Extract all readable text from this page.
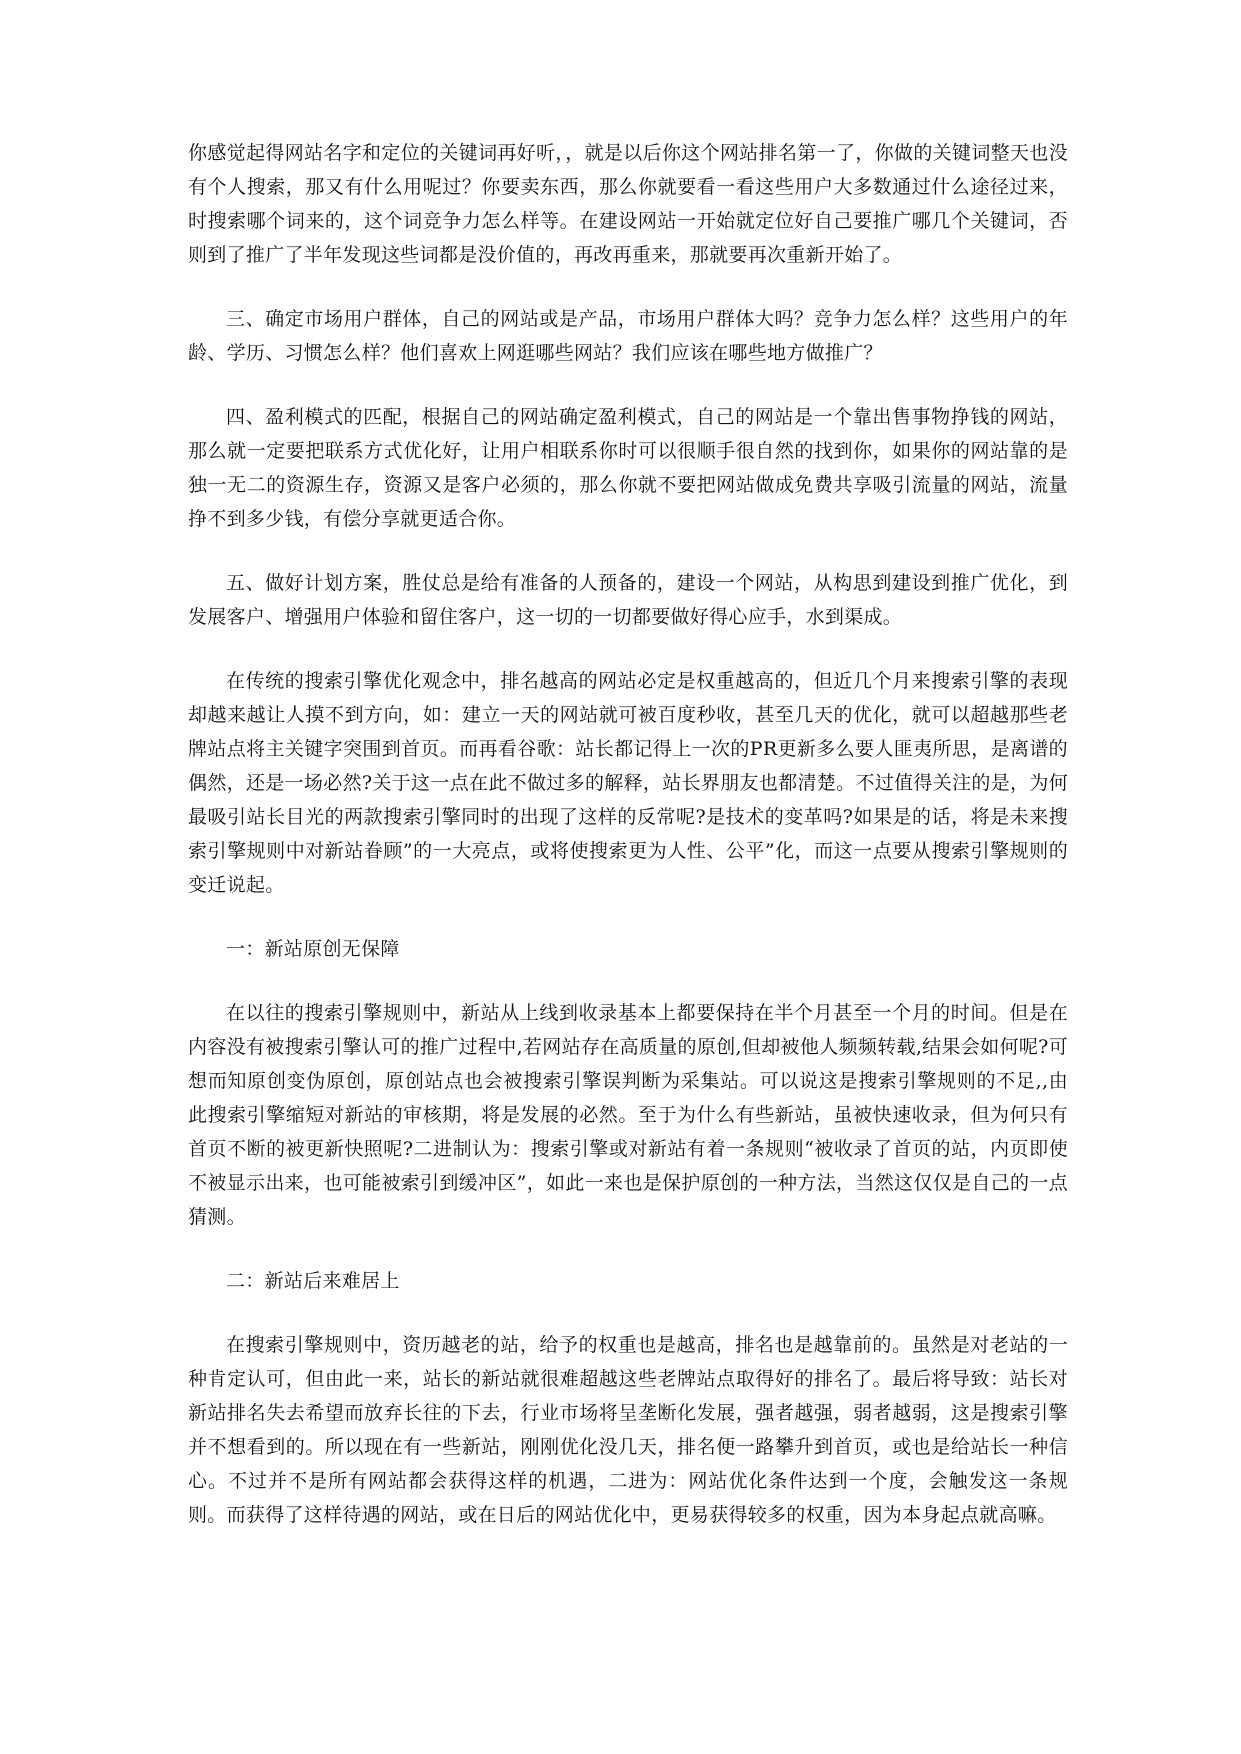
你感觉起得网站名字和定位的关键词再好听，，就是以后你这个网站排名第一了，你做的关键词整天也没有个人搜索，那又有什么用呢过？你要卖东西，那么你就要看一看这些用户大多数通过什么途径过来，时搜索哪个词来的，这个词竞争力怎么样等。在建设网站一开始就定位好自己要推广哪几个关键词，否则到了推广了半年发现这些词都是没价值的，再改再重来，那就要再次重新开始了。

三、确定市场用户群体，自己的网站或是产品，市场用户群体大吗？竞争力怎么样？这些用户的年龄、学历、习惯怎么样？他们喜欢上网逛哪些网站？我们应该在哪些地方做推广？

四、盈利模式的匹配，根据自己的网站确定盈利模式，自己的网站是一个靠出售事物挣钱的网站，那么就一定要把联系方式优化好，让用户相联系你时可以很顺手很自然的找到你，如果你的网站靠的是独一无二的资源生存，资源又是客户必须的，那么你就不要把网站做成免费共享吸引流量的网站，流量挣不到多少钱，有偿分享就更适合你。

五、做好计划方案，胜仗总是给有准备的人预备的，建设一个网站，从构思到建设到推广优化，到发展客户、增强用户体验和留住客户，这一切的一切都要做好得心应手，水到渠成。

在传统的搜索引擎优化观念中，排名越高的网站必定是权重越高的，但近几个月来搜索引擎的表现却越来越让人摸不到方向，如：建立一天的网站就可被百度秒收，甚至几天的优化，就可以超越那些老牌站点将主关键字突围到首页。而再看谷歌：站长都记得上一次的PR更新多么要人匪夷所思，是离谱的偶然，还是一场必然?关于这一点在此不做过多的解释，站长界朋友也都清楚。不过值得关注的是，为何最吸引站长目光的两款搜索引擎同时的出现了这样的反常呢?是技术的变革吗?如果是的话，将是未来搜索引擎规则中对新站眷顾”的一大亮点，或将使搜索更为人性、公平”化，而这一点要从搜索引擎规则的变迁说起。

一：新站原创无保障

在以往的搜索引擎规则中，新站从上线到收录基本上都要保持在半个月甚至一个月的时间。但是在内容没有被搜索引擎认可的推广过程中,若网站存在高质量的原创,但却被他人频频转载,结果会如何呢?可想而知原创变伪原创，原创站点也会被搜索引擎误判断为采集站。可以说这是搜索引擎规则的不足,,由此搜索引擎缩短对新站的审核期，将是发展的必然。至于为什么有些新站，虽被快速收录，但为何只有首页不断的被更新快照呢?二进制认为：搜索引擎或对新站有着一条规则“被收录了首页的站，内页即使不被显示出来，也可能被索引到缓冲区”，如此一来也是保护原创的一种方法，当然这仅仅是自己的一点猜测。

二：新站后来难居上

在搜索引擎规则中，资历越老的站，给予的权重也是越高，排名也是越靠前的。虽然是对老站的一种肯定认可，但由此一来，站长的新站就很难超越这些老牌站点取得好的排名了。最后将导致：站长对新站排名失去希望而放弃长往的下去，行业市场将呈垄断化发展，强者越强，弱者越弱，这是搜索引擎并不想看到的。所以现在有一些新站，刚刚优化没几天，排名便一路攀升到首页，或也是给站长一种信心。不过并不是所有网站都会获得这样的机遇，二进为：网站优化条件达到一个度，会触发这一条规则。而获得了这样待遇的网站，或在日后的网站优化中，更易获得较多的权重，因为本身起点就高嘛。
